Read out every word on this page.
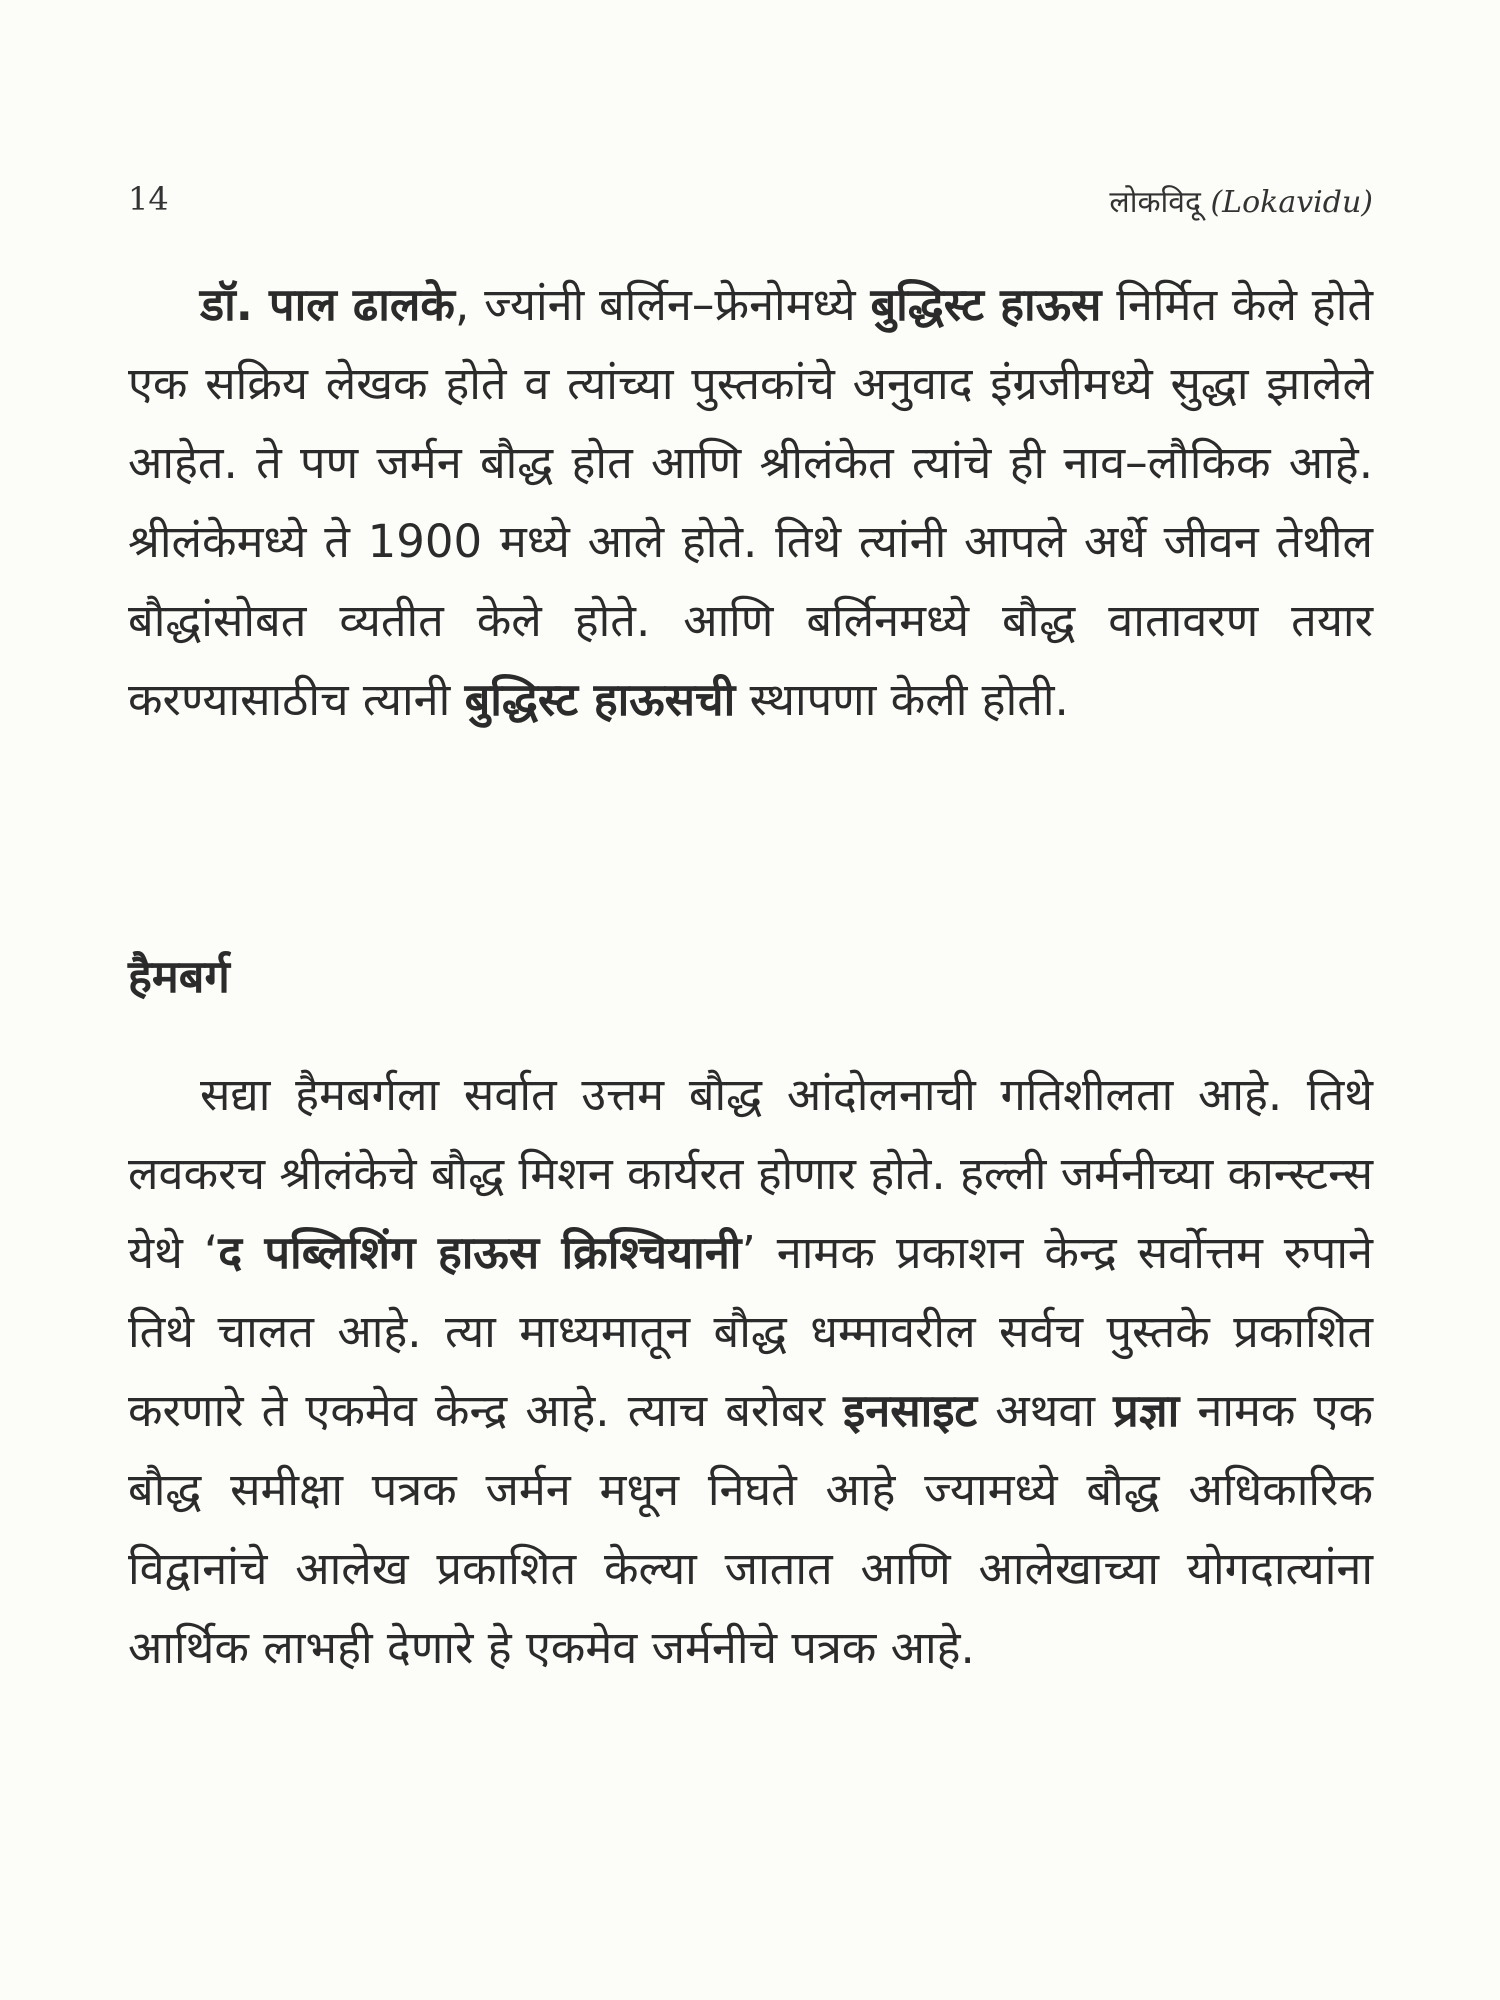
14	लोकविदू (Lokavidu)

डॉ. पाल ढालके, ज्यांनी बर्लिन–फ्रेनोमध्ये बुद्धिस्ट हाऊस निर्मित केले होते एक सक्रिय लेखक होते व त्यांच्या पुस्तकांचे अनुवाद इंग्रजीमध्ये सुद्धा झालेले आहेत. ते पण जर्मन बौद्ध होत आणि श्रीलंकेत त्यांचे ही नाव–लौकिक आहे. श्रीलंकेमध्ये ते 1900 मध्ये आले होते. तिथे त्यांनी आपले अर्धे जीवन तेथील बौद्धांसोबत व्यतीत केले होते. आणि बर्लिनमध्ये बौद्ध वातावरण तयार करण्यासाठीच त्यानी बुद्धिस्ट हाऊसची स्थापणा केली होती.

हैमबर्ग

सद्या हैमबर्गला सर्वात उत्तम बौद्ध आंदोलनाची गतिशीलता आहे. तिथे लवकरच श्रीलंकेचे बौद्ध मिशन कार्यरत होणार होते. हल्ली जर्मनीच्या कान्स्टन्स येथे ‘द पब्लिशिंग हाऊस क्रिश्चियानी’ नामक प्रकाशन केन्द्र सर्वोत्तम रुपाने तिथे चालत आहे. त्या माध्यमातून बौद्ध धम्मावरील सर्वच पुस्तके प्रकाशित करणारे ते एकमेव केन्द्र आहे. त्याच बरोबर इनसाइट अथवा प्रज्ञा नामक एक बौद्ध समीक्षा पत्रक जर्मन मधून निघते आहे ज्यामध्ये बौद्ध अधिकारिक विद्वानांचे आलेख प्रकाशित केल्या जातात आणि आलेखाच्या योगदात्यांना आर्थिक लाभही देणारे हे एकमेव जर्मनीचे पत्रक आहे.
